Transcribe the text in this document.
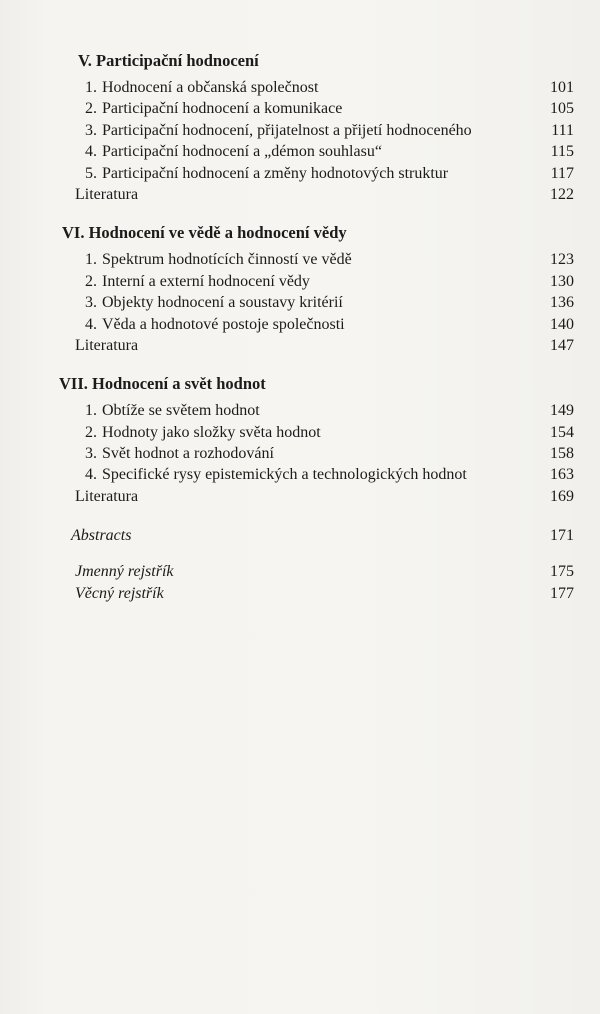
V. Participační hodnocení
1. Hodnocení a občanská společnost	101
2. Participační hodnocení a komunikace	105
3. Participační hodnocení, přijatelnost a přijetí hodnoceného	111
4. Participační hodnocení a „démon souhlasu“	115
5. Participační hodnocení a změny hodnotových struktur	117
Literatura	122
VI. Hodnocení ve vědě a hodnocení vědy
1. Spektrum hodnotících činností ve vědě	123
2. Interní a externí hodnocení vědy	130
3. Objekty hodnocení a soustavy kritérií	136
4. Věda a hodnotové postoje společnosti	140
Literatura	147
VII. Hodnocení a svět hodnot
1. Obtíže se světem hodnot	149
2. Hodnoty jako složky světa hodnot	154
3. Svět hodnot a rozhodování	158
4. Specifické rysy epistemických a technologických hodnot	163
Literatura	169
Abstracts	171
Jmenný rejstřík	175
Věcný rejstřík	177
